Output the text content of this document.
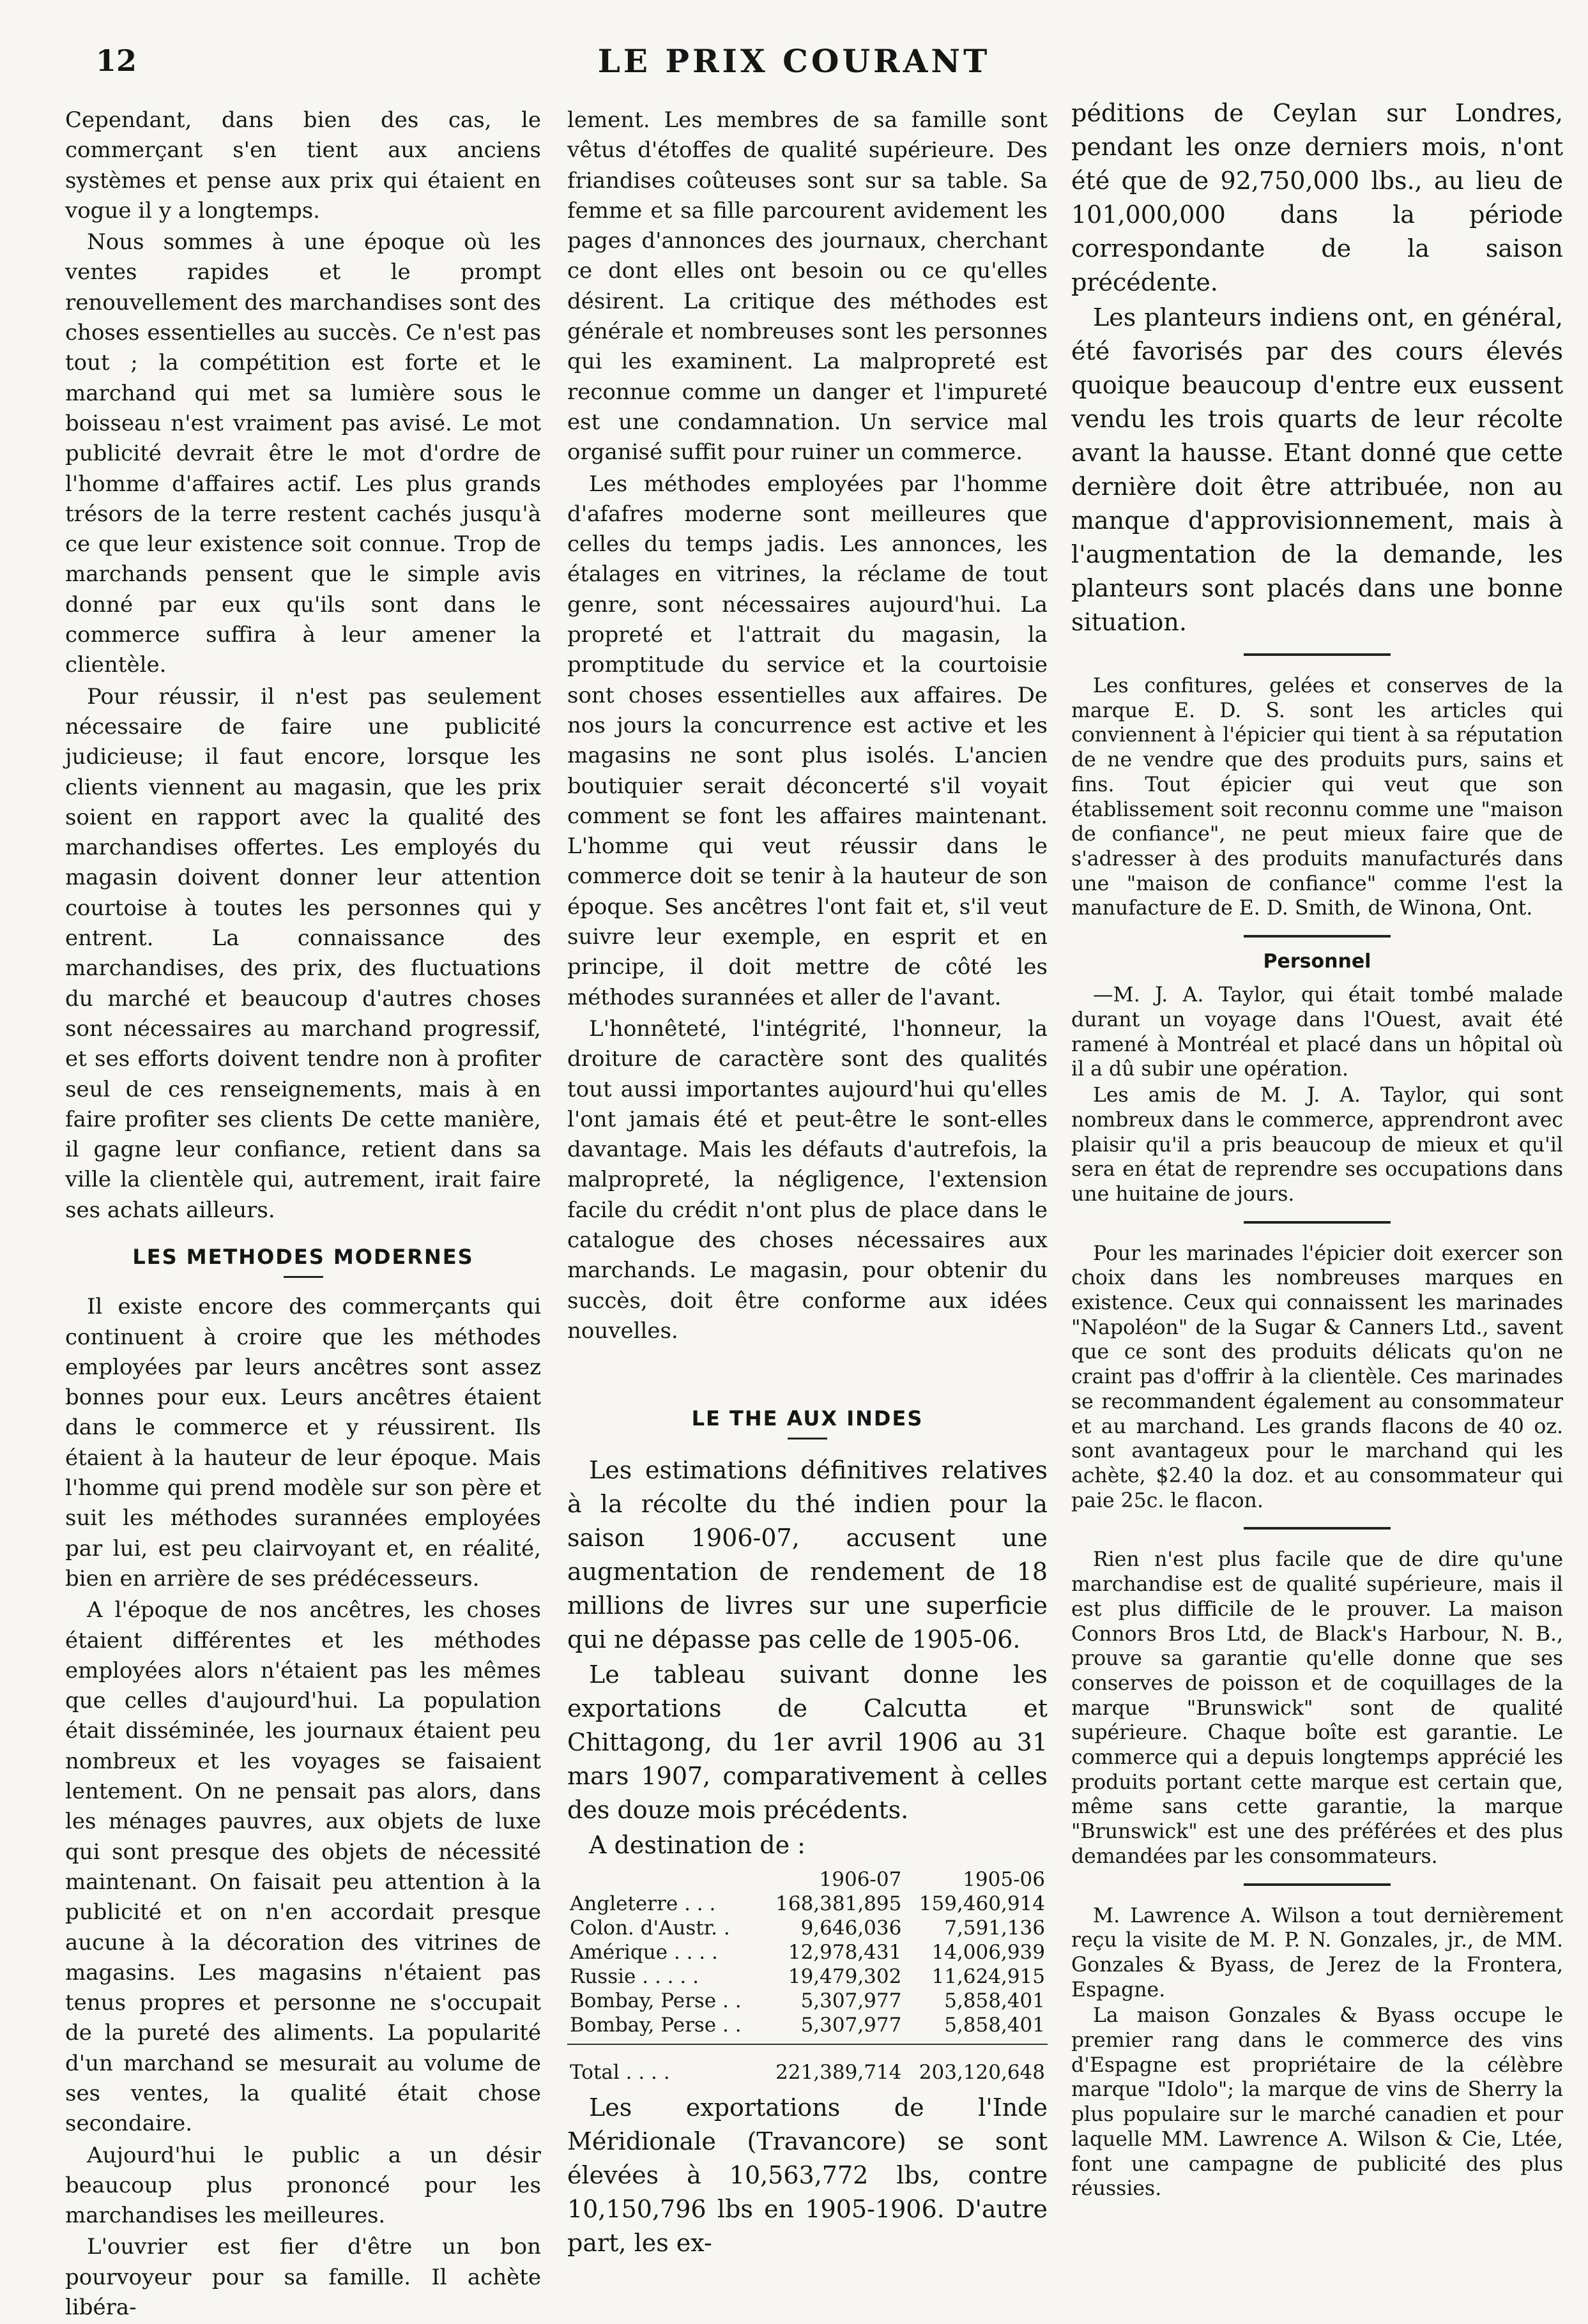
12	LE PRIX COURANT

Cependant, dans bien des cas, le commerçant s'en tient aux anciens systèmes et pense aux prix qui étaient en vogue il y a longtemps.

Nous sommes à une époque où les ventes rapides et le prompt renouvellement des marchandises sont des choses essentielles au succès. Ce n'est pas tout ; la compétition est forte et le marchand qui met sa lumière sous le boisseau n'est vraiment pas avisé. Le mot publicité devrait être le mot d'ordre de l'homme d'affaires actif. Les plus grands trésors de la terre restent cachés jusqu'à ce que leur existence soit connue. Trop de marchands pensent que le simple avis donné par eux qu'ils sont dans le commerce suffira à leur amener la clientèle.

Pour réussir, il n'est pas seulement nécessaire de faire une publicité judicieuse; il faut encore, lorsque les clients viennent au magasin, que les prix soient en rapport avec la qualité des marchandises offertes. Les employés du magasin doivent donner leur attention courtoise à toutes les personnes qui y entrent. La connaissance des marchandises, des prix, des fluctuations du marché et beaucoup d'autres choses sont nécessaires au marchand progressif, et ses efforts doivent tendre non à profiter seul de ces renseignements, mais à en faire profiter ses clients De cette manière, il gagne leur confiance, retient dans sa ville la clientèle qui, autrement, irait faire ses achats ailleurs.

LES METHODES MODERNES

Il existe encore des commerçants qui continuent à croire que les méthodes employées par leurs ancêtres sont assez bonnes pour eux. Leurs ancêtres étaient dans le commerce et y réussirent. Ils étaient à la hauteur de leur époque. Mais l'homme qui prend modèle sur son père et suit les méthodes surannées employées par lui, est peu clairvoyant et, en réalité, bien en arrière de ses prédécesseurs.

A l'époque de nos ancêtres, les choses étaient différentes et les méthodes employées alors n'étaient pas les mêmes que celles d'aujourd'hui. La population était disséminée, les journaux étaient peu nombreux et les voyages se faisaient lentement. On ne pensait pas alors, dans les ménages pauvres, aux objets de luxe qui sont presque des objets de nécessité maintenant. On faisait peu attention à la publicité et on n'en accordait presque aucune à la décoration des vitrines de magasins. Les magasins n'étaient pas tenus propres et personne ne s'occupait de la pureté des aliments. La popularité d'un marchand se mesurait au volume de ses ventes, la qualité était chose secondaire.

Aujourd'hui le public a un désir beaucoup plus prononcé pour les marchandises les meilleures.

L'ouvrier est fier d'être un bon pourvoyeur pour sa famille. Il achète libéra-

lement. Les membres de sa famille sont vêtus d'étoffes de qualité supérieure. Des friandises coûteuses sont sur sa table. Sa femme et sa fille parcourent avidement les pages d'annonces des journaux, cherchant ce dont elles ont besoin ou ce qu'elles désirent. La critique des méthodes est générale et nombreuses sont les personnes qui les examinent. La malpropreté est reconnue comme un danger et l'impureté est une condamnation. Un service mal organisé suffit pour ruiner un commerce.

Les méthodes employées par l'homme d'afafres moderne sont meilleures que celles du temps jadis. Les annonces, les étalages en vitrines, la réclame de tout genre, sont nécessaires aujourd'hui. La propreté et l'attrait du magasin, la promptitude du service et la courtoisie sont choses essentielles aux affaires. De nos jours la concurrence est active et les magasins ne sont plus isolés. L'ancien boutiquier serait déconcerté s'il voyait comment se font les affaires maintenant. L'homme qui veut réussir dans le commerce doit se tenir à la hauteur de son époque. Ses ancêtres l'ont fait et, s'il veut suivre leur exemple, en esprit et en principe, il doit mettre de côté les méthodes surannées et aller de l'avant.

L'honnêteté, l'intégrité, l'honneur, la droiture de caractère sont des qualités tout aussi importantes aujourd'hui qu'elles l'ont jamais été et peut-être le sont-elles davantage. Mais les défauts d'autrefois, la malpropreté, la négligence, l'extension facile du crédit n'ont plus de place dans le catalogue des choses nécessaires aux marchands. Le magasin, pour obtenir du succès, doit être conforme aux idées nouvelles.

LE THE AUX INDES

Les estimations définitives relatives à la récolte du thé indien pour la saison 1906-07, accusent une augmentation de rendement de 18 millions de livres sur une superficie qui ne dépasse pas celle de 1905-06.

Le tableau suivant donne les exportations de Calcutta et Chittagong, du 1er avril 1906 au 31 mars 1907, comparativement à celles des douze mois précédents.

A destination de :

	1906-07	1905-06
Angleterre . . .	168,381,895	159,460,914
Colon. d'Austr. .	9,646,036	7,591,136
Amérique . . . .	12,978,431	14,006,939
Russie . . . . .	19,479,302	11,624,915
Bombay, Perse . .	5,307,977	5,858,401
Bombay, Perse . .	5,307,977	5,858,401

Total . . . .	221,389,714	203,120,648

Les exportations de l'Inde Méridionale (Travancore) se sont élevées à 10,563,772 lbs, contre 10,150,796 lbs en 1905-1906. D'autre part, les ex-

péditions de Ceylan sur Londres, pendant les onze derniers mois, n'ont été que de 92,750,000 lbs., au lieu de 101,000,000 dans la période correspondante de la saison précédente.

Les planteurs indiens ont, en général, été favorisés par des cours élevés quoique beaucoup d'entre eux eussent vendu les trois quarts de leur récolte avant la hausse. Etant donné que cette dernière doit être attribuée, non au manque d'approvisionnement, mais à l'augmentation de la demande, les planteurs sont placés dans une bonne situation.

Les confitures, gelées et conserves de la marque E. D. S. sont les articles qui conviennent à l'épicier qui tient à sa réputation de ne vendre que des produits purs, sains et fins. Tout épicier qui veut que son établissement soit reconnu comme une "maison de confiance", ne peut mieux faire que de s'adresser à des produits manufacturés dans une "maison de confiance" comme l'est la manufacture de E. D. Smith, de Winona, Ont.

Personnel

—M. J. A. Taylor, qui était tombé malade durant un voyage dans l'Ouest, avait été ramené à Montréal et placé dans un hôpital où il a dû subir une opération.

Les amis de M. J. A. Taylor, qui sont nombreux dans le commerce, apprendront avec plaisir qu'il a pris beaucoup de mieux et qu'il sera en état de reprendre ses occupations dans une huitaine de jours.

Pour les marinades l'épicier doit exercer son choix dans les nombreuses marques en existence. Ceux qui connaissent les marinades "Napoléon" de la Sugar & Canners Ltd., savent que ce sont des produits délicats qu'on ne craint pas d'offrir à la clientèle. Ces marinades se recommandent également au consommateur et au marchand. Les grands flacons de 40 oz. sont avantageux pour le marchand qui les achète, $2.40 la doz. et au consommateur qui paie 25c. le flacon.

Rien n'est plus facile que de dire qu'une marchandise est de qualité supérieure, mais il est plus difficile de le prouver. La maison Connors Bros Ltd, de Black's Harbour, N. B., prouve sa garantie qu'elle donne que ses conserves de poisson et de coquillages de la marque "Brunswick" sont de qualité supérieure. Chaque boîte est garantie. Le commerce qui a depuis longtemps apprécié les produits portant cette marque est certain que, même sans cette garantie, la marque "Brunswick" est une des préférées et des plus demandées par les consommateurs.

M. Lawrence A. Wilson a tout dernièrement reçu la visite de M. P. N. Gonzales, jr., de MM. Gonzales & Byass, de Jerez de la Frontera, Espagne.

La maison Gonzales & Byass occupe le premier rang dans le commerce des vins d'Espagne est propriétaire de la célèbre marque "Idolo"; la marque de vins de Sherry la plus populaire sur le marché canadien et pour laquelle MM. Lawrence A. Wilson & Cie, Ltée, font une campagne de publicité des plus réussies.
